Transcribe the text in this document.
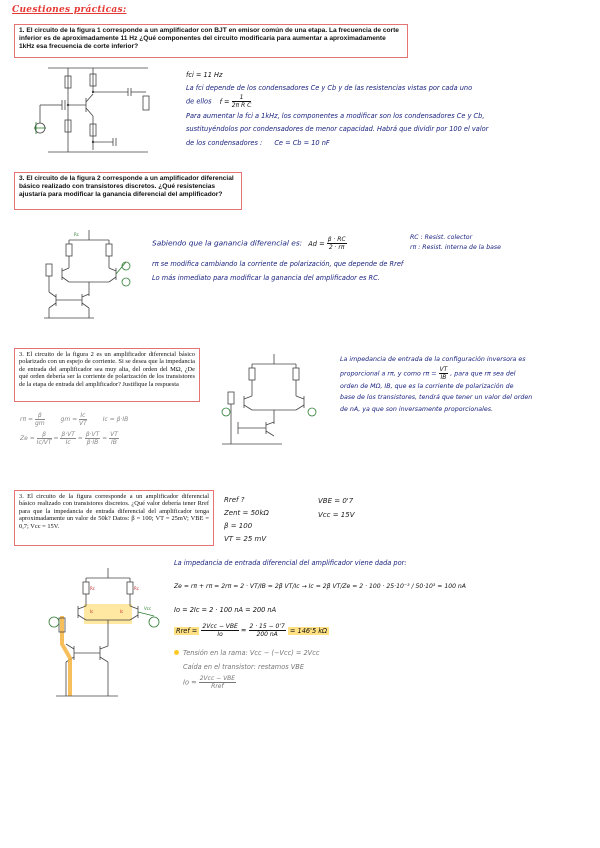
Cuestiones prácticas:
1. El circuito de la figura 1 corresponde a un amplificador con BJT en emisor común de una etapa. La frecuencia de corte inferior es de aproximadamente 11 Hz ¿Qué componentes del circuito modificaría para aumentar a aproximadamente 1kHz esa frecuencia de corte inferior?
fci = 11 Hz
La fci depende de los condensadores Ce y Cb y de las resistencias vistas por cada uno
de ellos $f = \frac{1}{\text{2π R C}}$
Para aumentar la fci a 1kHz, los componentes a modificar son los condensadores Ce y Cb,
sustituyéndolos por condensadores de menor capacidad. Habrá que dividir por 100 el valor
de los condensadores : Ce = Cb = 10 nF
3. El circuito de la figura 2 corresponde a un amplificador diferencial básico realizado con transistores discretos. ¿Qué resistencias ajustaría para modificar la ganancia diferencial del amplificador?
Rc
Sabiendo que la ganancia diferencial es: $Ad = \frac{\beta \cdot RC}{2 \cdot r\pi}$
rπ se modifica cambiando la corriente de polarización, que depende de Rref
Lo más inmediato para modificar la ganancia del amplificador es RC.
RC : Resist. colector
rπ : Resist. interna de la base
3. El circuito de la figura 2 es un amplificador diferencial básico polarizado con un espejo de corriente. Si se desea que la impedancia de entrada del amplificador sea muy alta, del orden del MΩ, ¿De qué orden debería ser la corriente de polarización de los transistores de la etapa de entrada del amplificador? Justifique la respuesta
$r\pi = \frac{\beta}{gm}$	gm = $\frac{Ic}{VT}$	Ic = β·IB
$Ze = \frac{\beta}{Ic/VT} = \frac{\beta\cdot VT}{Ic} = \frac{\beta\cdot VT}{\beta\cdot IB} = \frac{VT}{IB}$
La impedancia de entrada de la configuración inversora es
proporcional a rπ, y como $r\pi = \frac{VT}{IB}$ , para que rπ sea del
orden de MΩ, IB, que es la corriente de polarización de
base de los transistores, tendrá que tener un valor del orden
de nA, ya que son inversamente proporcionales.
3. El circuito de la figura corresponde a un amplificador diferencial básico realizado con transistores discretos. ¿Qué valor debería tener Rref para que la impedancia de entrada diferencial del amplificador tenga aproximadamente un valor de 50k? Datos: β = 100; VT = 25mV; VBE = 0,7; Vcc = 15V.
Rref ?
Zent = 50kΩ
β = 100
VT = 25 mV
VBE = 0'7
Vcc = 15V
Rc	Rc
Ic	Ic
Vcc
La impedancia de entrada diferencial del amplificador viene dada por:
Ze = rπ + rπ = 2rπ = 2 · VT/IB = 2β VT/Ic → Ic = 2β VT/Ze = 2 · 100 · 25·10⁻³ / 50·10³ = 100 nA
Io = 2Ic = 2 · 100 nA = 200 nA
Rref = $\frac{\text{2Vcc − VBE}}{Io} = \frac{2 \cdot 15 - 0'7}{200 nA} = 146'5$ kΩ
Tensión en la rama: Vcc − (−Vcc) = 2Vcc
Caída en el transistor: restamos VBE
$Io = \frac{\text{2Vcc − VBE}}{\text{Rref}}$
